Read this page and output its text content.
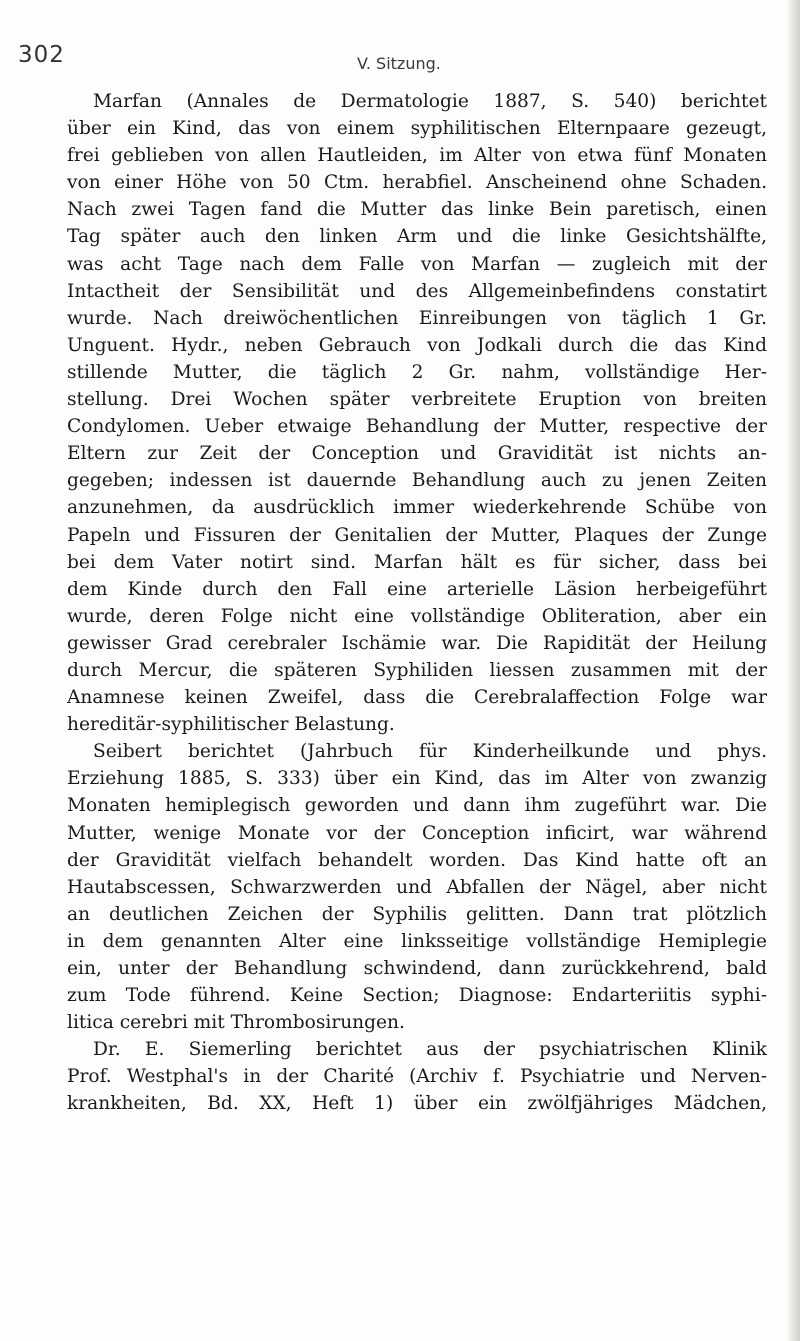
302	V. Sitzung.
Marfan (Annales de Dermatologie 1887, S. 540) berichtet
über ein Kind, das von einem syphilitischen Elternpaare gezeugt,
frei geblieben von allen Hautleiden, im Alter von etwa fünf Monaten
von einer Höhe von 50 Ctm. herabfiel. Anscheinend ohne Schaden.
Nach zwei Tagen fand die Mutter das linke Bein paretisch, einen
Tag später auch den linken Arm und die linke Gesichtshälfte,
was acht Tage nach dem Falle von Marfan — zugleich mit der
Intactheit der Sensibilität und des Allgemeinbefindens constatirt
wurde. Nach dreiwöchentlichen Einreibungen von täglich 1 Gr.
Unguent. Hydr., neben Gebrauch von Jodkali durch die das Kind
stillende Mutter, die täglich 2 Gr. nahm, vollständige Her-
stellung. Drei Wochen später verbreitete Eruption von breiten
Condylomen. Ueber etwaige Behandlung der Mutter, respective der
Eltern zur Zeit der Conception und Gravidität ist nichts an-
gegeben; indessen ist dauernde Behandlung auch zu jenen Zeiten
anzunehmen, da ausdrücklich immer wiederkehrende Schübe von
Papeln und Fissuren der Genitalien der Mutter, Plaques der Zunge
bei dem Vater notirt sind. Marfan hält es für sicher, dass bei
dem Kinde durch den Fall eine arterielle Läsion herbeigeführt
wurde, deren Folge nicht eine vollständige Obliteration, aber ein
gewisser Grad cerebraler Ischämie war. Die Rapidität der Heilung
durch Mercur, die späteren Syphiliden liessen zusammen mit der
Anamnese keinen Zweifel, dass die Cerebralaffection Folge war
hereditär-syphilitischer Belastung.
Seibert berichtet (Jahrbuch für Kinderheilkunde und phys.
Erziehung 1885, S. 333) über ein Kind, das im Alter von zwanzig
Monaten hemiplegisch geworden und dann ihm zugeführt war. Die
Mutter, wenige Monate vor der Conception inficirt, war während
der Gravidität vielfach behandelt worden. Das Kind hatte oft an
Hautabscessen, Schwarzwerden und Abfallen der Nägel, aber nicht
an deutlichen Zeichen der Syphilis gelitten. Dann trat plötzlich
in dem genannten Alter eine linksseitige vollständige Hemiplegie
ein, unter der Behandlung schwindend, dann zurückkehrend, bald
zum Tode führend. Keine Section; Diagnose: Endarteriitis syphi-
litica cerebri mit Thrombosirungen.
Dr. E. Siemerling berichtet aus der psychiatrischen Klinik
Prof. Westphal's in der Charité (Archiv f. Psychiatrie und Nerven-
krankheiten, Bd. XX, Heft 1) über ein zwölfjähriges Mädchen,
